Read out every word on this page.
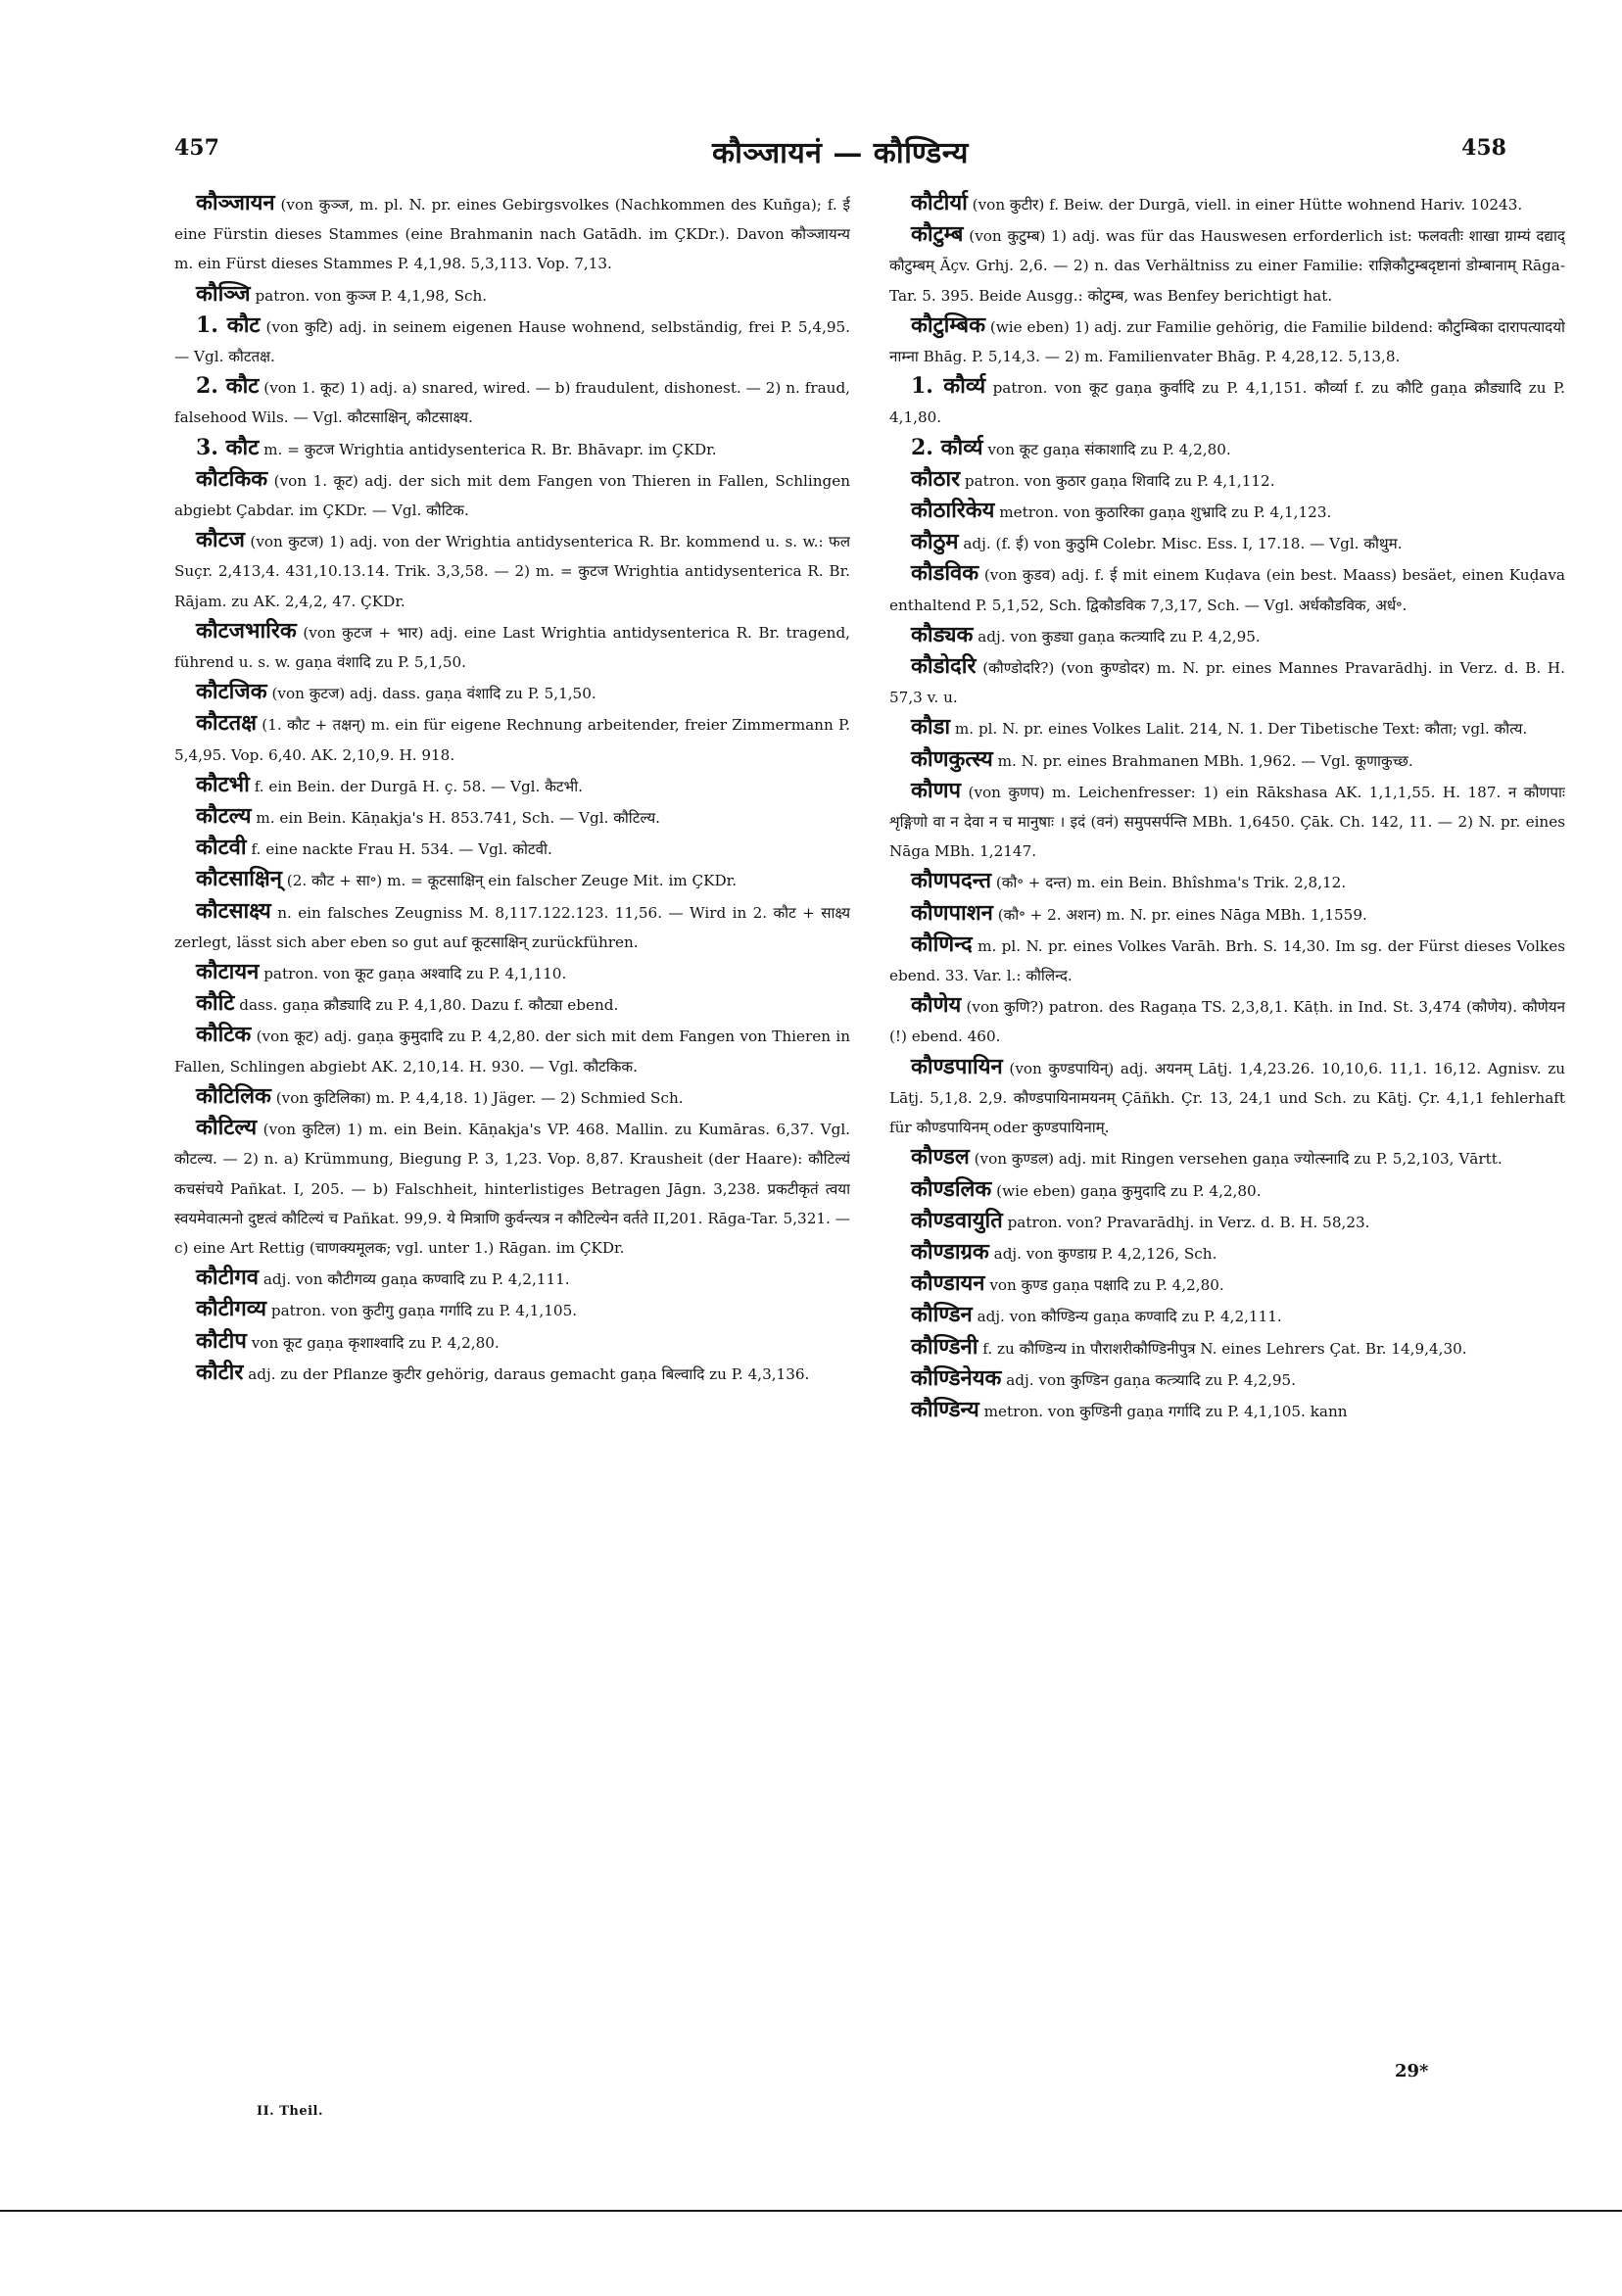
457	कौञ्जायनं — कौण्डिन्य	458

कौञ्जायन (von कुञ्ज, m. pl. N. pr. eines Gebirgsvolkes (Nachkommen des Kuñga); f. ई eine Fürstin dieses Stammes (eine Brahmanin nach Gatādh. im ÇKDr.). Davon कौञ्जायन्य m. ein Fürst dieses Stammes P. 4,1,98. 5,3,113. Vop. 7,13.

कौञ्जि patron. von कुञ्ज P. 4,1,98, Sch.

1. कौट (von कुटि) adj. in seinem eigenen Hause wohnend, selbständig, frei P. 5,4,95. — Vgl. कौटतक्ष.

2. कौट (von 1. कूट) 1) adj. a) snared, wired. — b) fraudulent, dishonest. — 2) n. fraud, falsehood Wils. — Vgl. कौटसाक्षिन्, कौटसाक्ष्य.

3. कौट m. = कुटज Wrightia antidysenterica R. Br. Bhāvapr. im ÇKDr.

कौटकिक (von 1. कूट) adj. der sich mit dem Fangen von Thieren in Fallen, Schlingen abgiebt Çabdar. im ÇKDr. — Vgl. कौटिक.

कौटज (von कुटज) 1) adj. von der Wrightia antidysenterica R. Br. kommend u. s. w.: फल Suçr. 2,413,4. 431,10.13.14. Trik. 3,3,58. — 2) m. = कुटज Wrightia antidysenterica R. Br. Rājam. zu AK. 2,4,2, 47. ÇKDr.

कौटजभारिक (von कुटज + भार) adj. eine Last Wrightia antidysenterica R. Br. tragend, führend u. s. w. gaṇa वंशादि zu P. 5,1,50.

कौटजिक (von कुटज) adj. dass. gaṇa वंशादि zu P. 5,1,50.

कौटतक्ष (1. कौट + तक्षन्) m. ein für eigene Rechnung arbeitender, freier Zimmermann P. 5,4,95. Vop. 6,40. AK. 2,10,9. H. 918.

कौटभी f. ein Bein. der Durgā H. ç. 58. — Vgl. कैटभी.

कौटल्य m. ein Bein. Kāṇakja's H. 853.741, Sch. — Vgl. कौटिल्य.

कौटवी f. eine nackte Frau H. 534. — Vgl. कोटवी.

कौटसाक्षिन् (2. कौट + सा॰) m. = कूटसाक्षिन् ein falscher Zeuge Mit. im ÇKDr.

कौटसाक्ष्य n. ein falsches Zeugniss M. 8,117.122.123. 11,56. — Wird in 2. कौट + साक्ष्य zerlegt, lässt sich aber eben so gut auf कूटसाक्षिन् zurückführen.

कौटायन patron. von कूट gaṇa अश्वादि zu P. 4,1,110.

कौटि dass. gaṇa क्रौड्यादि zu P. 4,1,80. Dazu f. कौट्या ebend.

कौटिक (von कूट) adj. gaṇa कुमुदादि zu P. 4,2,80. der sich mit dem Fangen von Thieren in Fallen, Schlingen abgiebt AK. 2,10,14. H. 930. — Vgl. कौटकिक.

कौटिलिक (von कुटिलिका) m. P. 4,4,18. 1) Jäger. — 2) Schmied Sch.

कौटिल्य (von कुटिल) 1) m. ein Bein. Kāṇakja's VP. 468. Mallin. zu Kumāras. 6,37. Vgl. कौटल्य. — 2) n. a) Krümmung, Biegung P. 3, 1,23. Vop. 8,87. Krausheit (der Haare): कौटिल्यं कचसंचये Pañkat. I, 205. — b) Falschheit, hinterlistiges Betragen Jāgn. 3,238. प्रकटीकृतं त्वया स्वयमेवात्मनो दुष्टत्वं कौटिल्यं च Pañkat. 99,9. ये मित्राणि कुर्वन्त्यत्र न कौटिल्येन वर्तते II,201. Rāga-Tar. 5,321. — c) eine Art Rettig (चाणक्यमूलक; vgl. unter 1.) Rāgan. im ÇKDr.

कौटीगव adj. von कौटीगव्य gaṇa कण्वादि zu P. 4,2,111.

कौटीगव्य patron. von कुटीगु gaṇa गर्गादि zu P. 4,1,105.

कौटीप von कूट gaṇa कृशाश्वादि zu P. 4,2,80.

कौटीर adj. zu der Pflanze कुटीर gehörig, daraus gemacht gaṇa बिल्वादि zu P. 4,3,136.

कौटीर्या (von कुटीर) f. Beiw. der Durgā, viell. in einer Hütte wohnend Hariv. 10243.

कौटुम्ब (von कुटुम्ब) 1) adj. was für das Hauswesen erforderlich ist: फलवतीः शाखा ग्राम्यं दद्याद् कौटुम्बम् Āçv. Grhj. 2,6. — 2) n. das Verhältniss zu einer Familie: राज्ञिकौटुम्बदृष्टानां डोम्बानाम् Rāga-Tar. 5. 395. Beide Ausgg.: कोटुम्ब, was Benfey berichtigt hat.

कौटुम्बिक (wie eben) 1) adj. zur Familie gehörig, die Familie bildend: कौटुम्बिका दारापत्यादयो नाम्ना Bhāg. P. 5,14,3. — 2) m. Familienvater Bhāg. P. 4,28,12. 5,13,8.

1. कौर्व्य patron. von कूट gaṇa कुर्वादि zu P. 4,1,151. कौर्व्या f. zu कौटि gaṇa क्रौड्यादि zu P. 4,1,80.

2. कौर्व्य von कूट gaṇa संकाशादि zu P. 4,2,80.

कौठार patron. von कुठार gaṇa शिवादि zu P. 4,1,112.

कौठारिकेय metron. von कुठारिका gaṇa शुभ्रादि zu P. 4,1,123.

कौठुम adj. (f. ई) von कुठुमि Colebr. Misc. Ess. I, 17.18. — Vgl. कौथुम.

कौडविक (von कुडव) adj. f. ई mit einem Kuḍava (ein best. Maass) besäet, einen Kuḍava enthaltend P. 5,1,52, Sch. द्विकौडविक 7,3,17, Sch. — Vgl. अर्धकौडविक, अर्ध॰.

कौड्यक adj. von कुड्या gaṇa कत्त्र्यादि zu P. 4,2,95.

कौडोदरि (कौण्डोदरि?) (von कुण्डोदर) m. N. pr. eines Mannes Pravarādhj. in Verz. d. B. H. 57,3 v. u.

कौडा m. pl. N. pr. eines Volkes Lalit. 214, N. 1. Der Tibetische Text: कौता; vgl. कौत्य.

कौणकुत्स्य m. N. pr. eines Brahmanen MBh. 1,962. — Vgl. कूणाकुच्छ.

कौणप (von कुणप) m. Leichenfresser: 1) ein Rākshasa AK. 1,1,1,55. H. 187. न कौणपाः शृङ्गिणो वा न देवा न च मानुषाः । इदं (वनं) समुपसर्पन्ति MBh. 1,6450. Çāk. Ch. 142, 11. — 2) N. pr. eines Nāga MBh. 1,2147.

कौणपदन्त (कौ॰ + दन्त) m. ein Bein. Bhîshma's Trik. 2,8,12.

कौणपाशन (कौ॰ + 2. अशन) m. N. pr. eines Nāga MBh. 1,1559.

कौणिन्द m. pl. N. pr. eines Volkes Varāh. Brh. S. 14,30. Im sg. der Fürst dieses Volkes ebend. 33. Var. l.: कौलिन्द.

कौणेय (von कुणि?) patron. des Ragaṇa TS. 2,3,8,1. Kāṭh. in Ind. St. 3,474 (कौणेय). कौणेयन (!) ebend. 460.

कौण्डपायिन (von कुण्डपायिन्) adj. अयनम् Lāṭj. 1,4,23.26. 10,10,6. 11,1. 16,12. Agnisv. zu Lāṭj. 5,1,8. 2,9. कौण्डपायिनामयनम् Çāñkh. Çr. 13, 24,1 und Sch. zu Kāṭj. Çr. 4,1,1 fehlerhaft für कौण्डपायिनम् oder कुण्डपायिनाम्.

कौण्डल (von कुण्डल) adj. mit Ringen versehen gaṇa ज्योत्स्नादि zu P. 5,2,103, Vārtt.

कौण्डलिक (wie eben) gaṇa कुमुदादि zu P. 4,2,80.

कौण्डवायुति patron. von? Pravarādhj. in Verz. d. B. H. 58,23.

कौण्डाग्रक adj. von कुण्डाग्र P. 4,2,126, Sch.

कौण्डायन von कुण्ड gaṇa पक्षादि zu P. 4,2,80.

कौण्डिन adj. von कौण्डिन्य gaṇa कण्वादि zu P. 4,2,111.

कौण्डिनी f. zu कौण्डिन्य in पौराशरीकौण्डिनीपुत्र N. eines Lehrers Çat. Br. 14,9,4,30.

कौण्डिनेयक adj. von कुण्डिन gaṇa कत्त्र्यादि zu P. 4,2,95.

कौण्डिन्य metron. von कुण्डिनी gaṇa गर्गादि zu P. 4,1,105. kann

II. Theil.
29*
